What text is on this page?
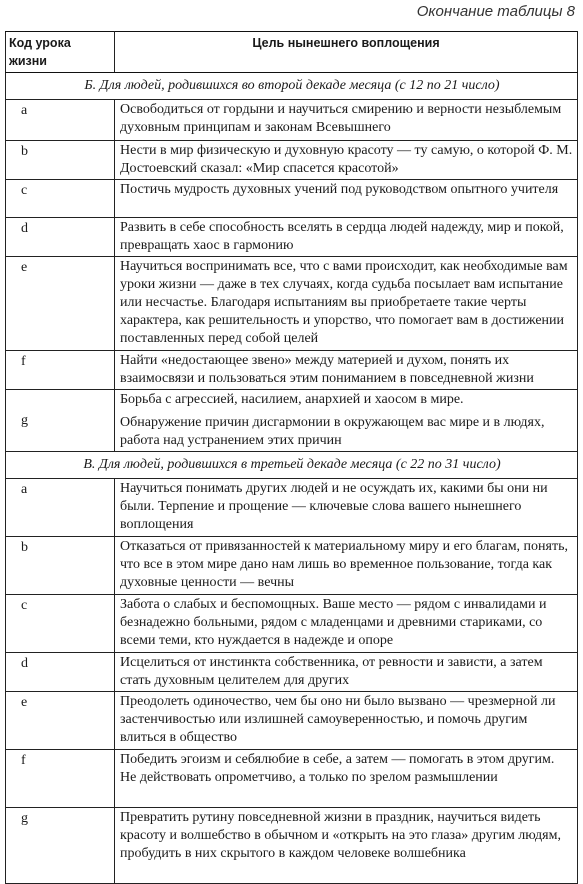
Окончание таблицы 8
Код урока жизни	Цель нынешнего воплощения
Б. Для людей, родившихся во второй декаде месяца (с 12 по 21 число)	
a	Освободиться от гордыни и научиться смирению и верности незыблемым духовным принципам и законам Всевышнего
b	Нести в мир физическую и духовную красоту — ту самую, о которой Ф. М. Достоевский сказал: «Мир спасется красотой»
c	Постичь мудрость духовных учений под руководством опытного учителя
d	Развить в себе способность вселять в сердца людей надежду, мир и покой, превращать хаос в гармонию
e	Научиться воспринимать все, что с вами происходит, как необходимые вам уроки жизни — даже в тех случаях, когда судьба посылает вам испытание или несчастье. Благодаря испытаниям вы приобретаете такие черты характера, как решительность и упорство, что помогает вам в достижении поставленных перед собой целей
f	Найти «недостающее звено» между материей и духом, понять их взаимосвязи и пользоваться этим пониманием в повседневной жизни
g	Борьба с агрессией, насилием, анархией и хаосом в мире.
Обнаружение причин дисгармонии в окружающем вас мире и в людях, работа над устранением этих причин

В. Для людей, родившихся в третьей декаде месяца (с 22 по 31 число)	
a	Научиться понимать других людей и не осуждать их, какими бы они ни были. Терпение и прощение — ключевые слова вашего нынешнего воплощения
b	Отказаться от привязанностей к материальному миру и его благам, понять, что все в этом мире дано нам лишь во временное пользование, тогда как духовные ценности — вечны
c	Забота о слабых и беспомощных. Ваше место — рядом с инвалидами и безнадежно больными, рядом с младенцами и древними стариками, со всеми теми, кто нуждается в надежде и опоре
d	Исцелиться от инстинкта собственника, от ревности и зависти, а затем стать духовным целителем для других
e	Преодолеть одиночество, чем бы оно ни было вызвано — чрезмерной ли застенчивостью или излишней самоуверенностью, и помочь другим влиться в общество
f	Победить эгоизм и себялюбие в себе, а затем — помогать в этом другим. Не действовать опрометчиво, а только по зрелом размышлении
g	Превратить рутину повседневной жизни в праздник, научиться видеть красоту и волшебство в обычном и «открыть на это глаза» другим людям, пробудить в них скрытого в каждом человеке волшебника
